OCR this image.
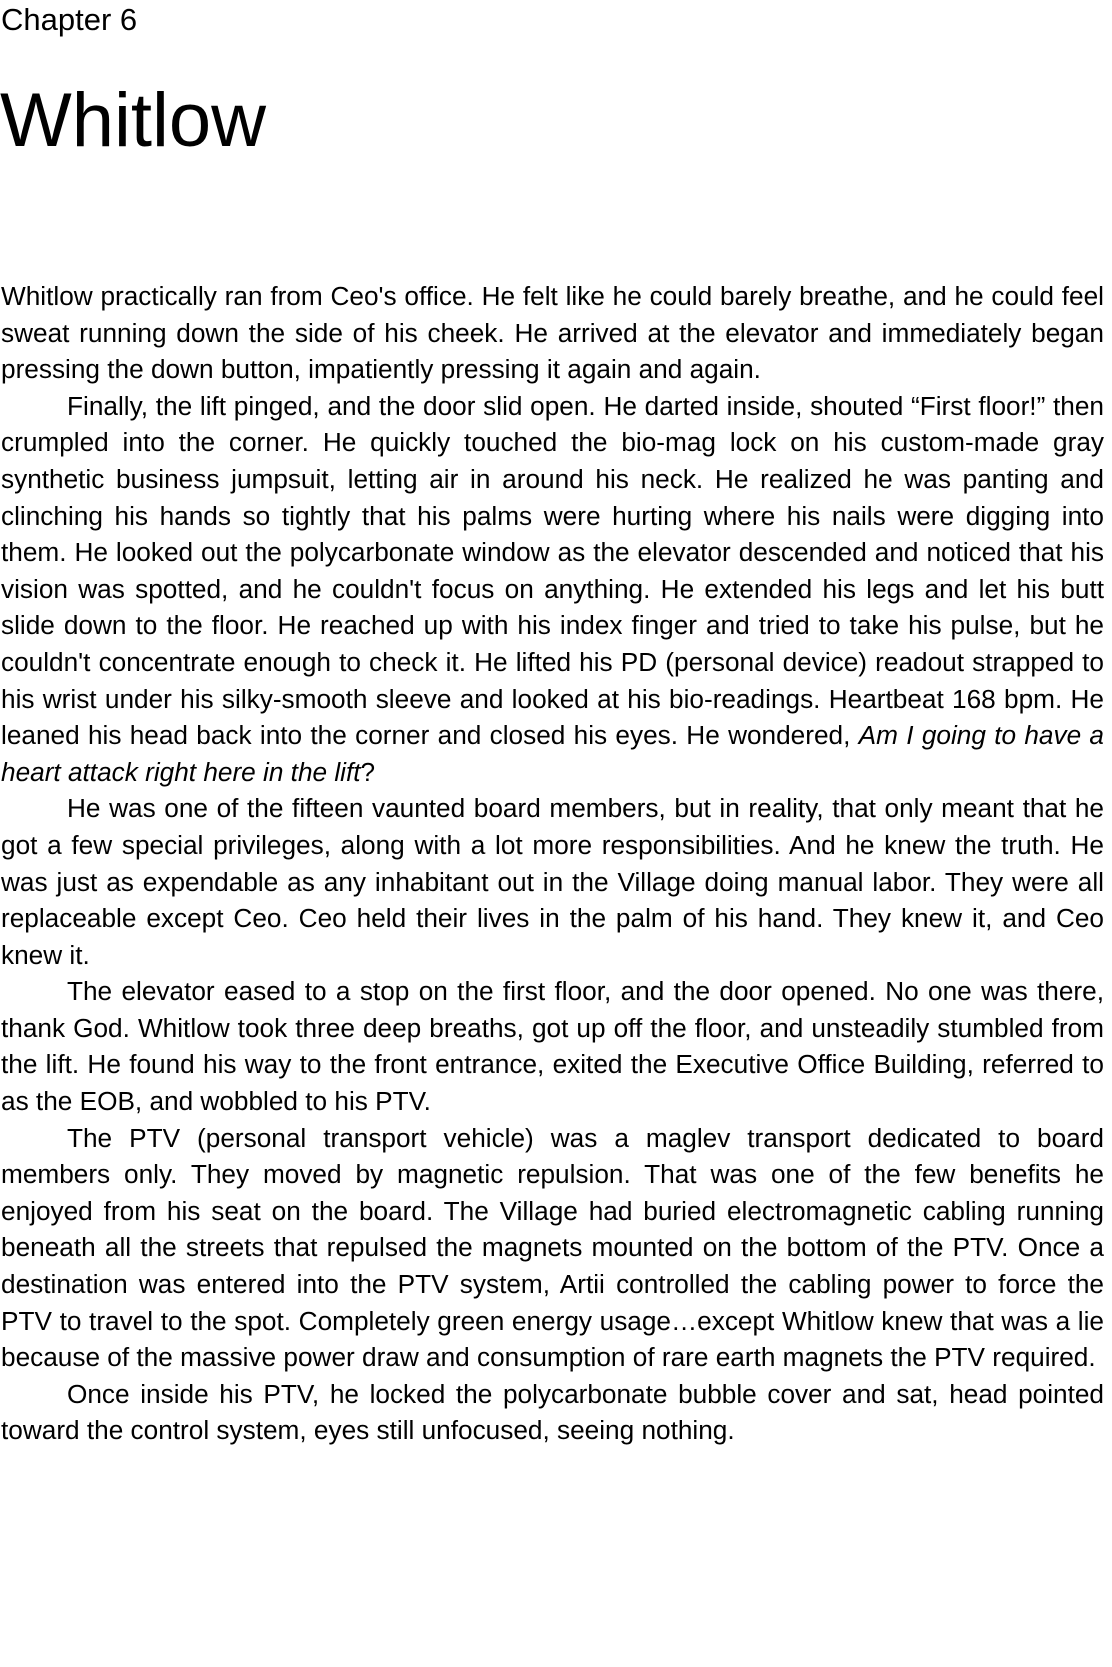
Chapter 6
Whitlow

Whitlow practically ran from Ceo's office. He felt like he could barely breathe, and he could feel sweat running down the side of his cheek. He arrived at the elevator and immediately began pressing the down button, impatiently pressing it again and again.

Finally, the lift pinged, and the door slid open. He darted inside, shouted “First floor!” then crumpled into the corner. He quickly touched the bio-mag lock on his custom-made gray synthetic business jumpsuit, letting air in around his neck. He realized he was panting and clinching his hands so tightly that his palms were hurting where his nails were digging into them. He looked out the polycarbonate window as the elevator descended and noticed that his vision was spotted, and he couldn't focus on anything. He extended his legs and let his butt slide down to the floor. He reached up with his index finger and tried to take his pulse, but he couldn't concentrate enough to check it. He lifted his PD (personal device) readout strapped to his wrist under his silky-smooth sleeve and looked at his bio-readings. Heartbeat 168 bpm. He leaned his head back into the corner and closed his eyes. He wondered, Am I going to have a heart attack right here in the lift?

He was one of the fifteen vaunted board members, but in reality, that only meant that he got a few special privileges, along with a lot more responsibilities. And he knew the truth. He was just as expendable as any inhabitant out in the Village doing manual labor. They were all replaceable except Ceo. Ceo held their lives in the palm of his hand. They knew it, and Ceo knew it.

The elevator eased to a stop on the first floor, and the door opened. No one was there, thank God. Whitlow took three deep breaths, got up off the floor, and unsteadily stumbled from the lift. He found his way to the front entrance, exited the Executive Office Building, referred to as the EOB, and wobbled to his PTV.

The PTV (personal transport vehicle) was a maglev transport dedicated to board members only. They moved by magnetic repulsion. That was one of the few benefits he enjoyed from his seat on the board. The Village had buried electromagnetic cabling running beneath all the streets that repulsed the magnets mounted on the bottom of the PTV. Once a destination was entered into the PTV system, Artii controlled the cabling power to force the PTV to travel to the spot. Completely green energy usage…except Whitlow knew that was a lie because of the massive power draw and consumption of rare earth magnets the PTV required.

Once inside his PTV, he locked the polycarbonate bubble cover and sat, head pointed toward the control system, eyes still unfocused, seeing nothing.
